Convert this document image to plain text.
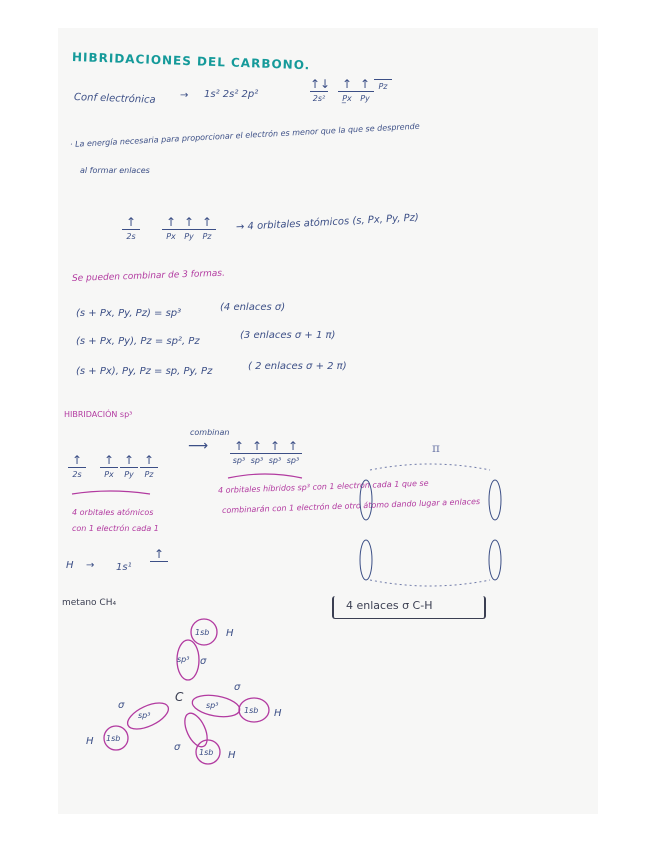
HIBRIDACIONES DEL CARBONO.
Conf electrónica → 1s² 2s² 2p²
↑↓
2s²
↑
P̲x
↑
Py
Pz
· La energía necesaria para proporcionar el electrón es menor que la que se desprende
al formar enlaces
↑
2s
↑
Px
↑
Py
↑
Pz
→ 4 orbitales atómicos (s, Px, Py, Pz)
Se pueden combinar de 3 formas.
(s + Px, Py, Pz) = sp³
(4 enlaces σ)
(s + Px, Py), Pz = sp², Pz
(3 enlaces σ + 1 π)
(s + Px), Py, Pz = sp, Py, Pz	( 2 enlaces σ + 2 π)
HIBRIDACIÓN sp³
combinan
⟶
↑
2s
↑
Px
↑
Py
↑
Pz
↑
sp³
↑
sp³
↑
sp³
↑
sp³
4 orbitales atómicos
con 1 electrón cada 1
4 orbitales híbridos sp³ con 1 electrón cada 1 que se
combinarán con 1 electrón de otro átomo dando lugar a enlaces
H → 1s¹
↑
metano CH₄	4 enlaces σ C-H
π
C
H
H
H
H
1sb
1sb
1sb
1sb
sp³
sp³
sp³
σ
σ
σ
σ
